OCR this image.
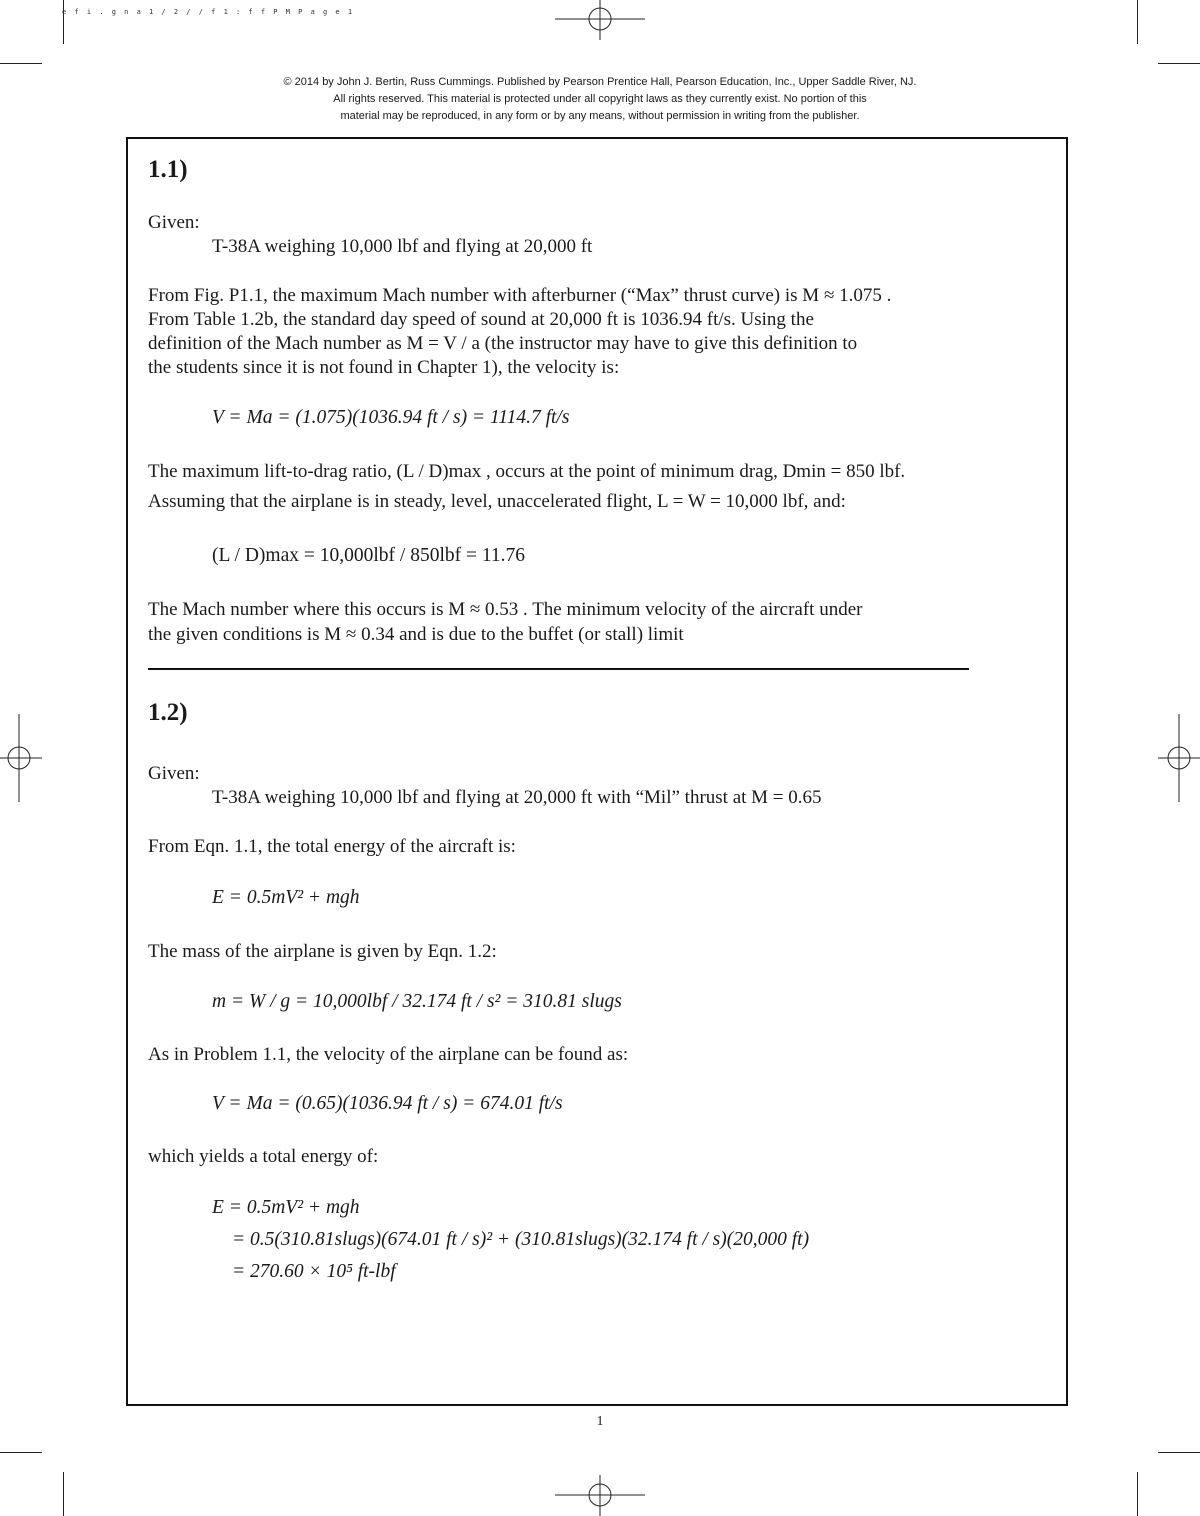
e f i . g n a 1 / 2 / / f 1 : f f P M P a g e 1
© 2014 by John J. Bertin, Russ Cummings. Published by Pearson Prentice Hall, Pearson Education, Inc., Upper Saddle River, NJ.
All rights reserved. This material is protected under all copyright laws as they currently exist. No portion of this
material may be reproduced, in any form or by any means, without permission in writing from the publisher.
1.1)
Given:
T-38A weighing 10,000 lbf and flying at 20,000 ft
From Fig. P1.1, the maximum Mach number with afterburner (“Max” thrust curve) is M ≈ 1.075 .
From Table 1.2b, the standard day speed of sound at 20,000 ft is 1036.94 ft/s. Using the
definition of the Mach number as M = V / a (the instructor may have to give this definition to
the students since it is not found in Chapter 1), the velocity is:
V = Ma = (1.075)(1036.94 ft / s) = 1114.7 ft/s
The maximum lift-to-drag ratio, (L / D)max , occurs at the point of minimum drag, Dmin = 850 lbf.
Assuming that the airplane is in steady, level, unaccelerated flight, L = W = 10,000 lbf, and:
(L / D)max = 10,000lbf / 850lbf = 11.76
The Mach number where this occurs is M ≈ 0.53 . The minimum velocity of the aircraft under
the given conditions is M ≈ 0.34 and is due to the buffet (or stall) limit
1.2)
Given:
T-38A weighing 10,000 lbf and flying at 20,000 ft with “Mil” thrust at M = 0.65
From Eqn. 1.1, the total energy of the aircraft is:
E = 0.5mV² + mgh
The mass of the airplane is given by Eqn. 1.2:
m = W / g = 10,000lbf / 32.174 ft / s² = 310.81 slugs
As in Problem 1.1, the velocity of the airplane can be found as:
V = Ma = (0.65)(1036.94 ft / s) = 674.01 ft/s
which yields a total energy of:
E = 0.5mV² + mgh
= 0.5(310.81slugs)(674.01 ft / s)² + (310.81slugs)(32.174 ft / s)(20,000 ft)
= 270.60 × 10⁵ ft-lbf
1
